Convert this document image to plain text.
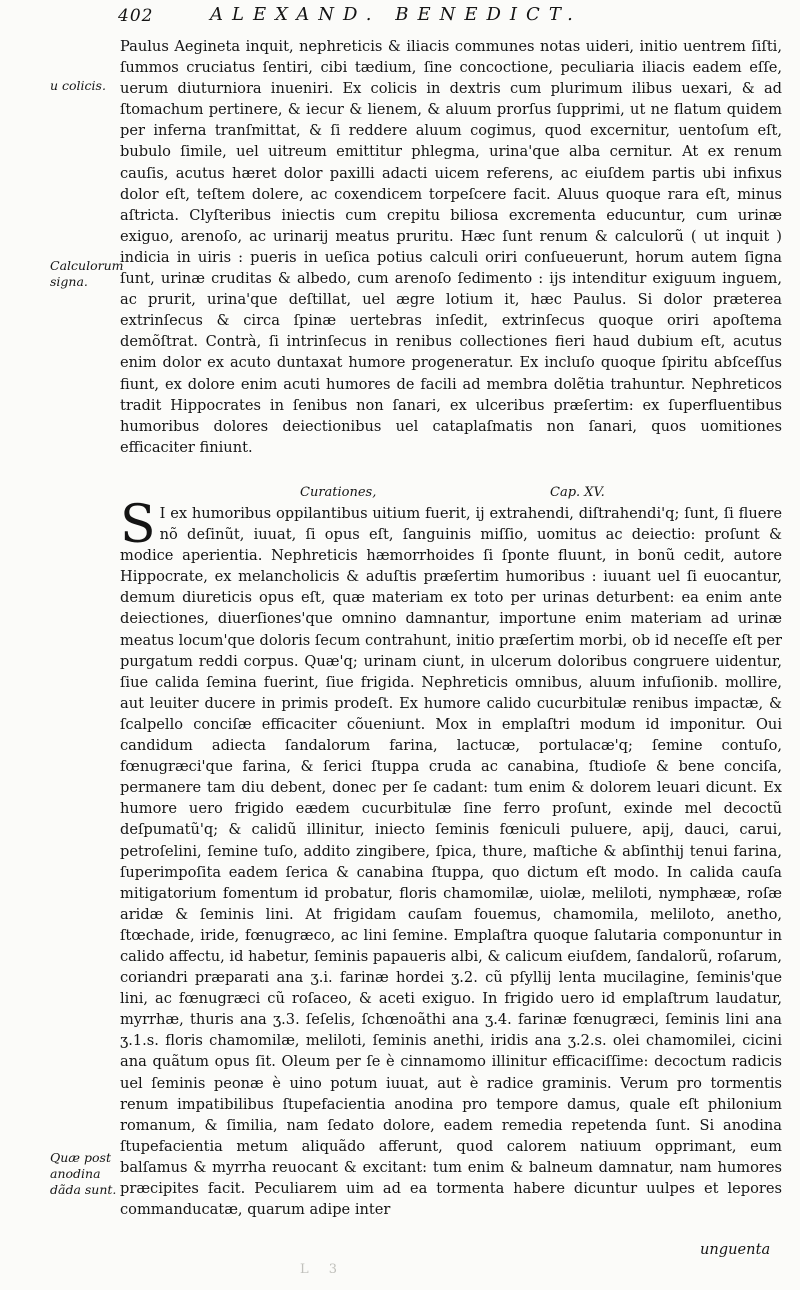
402	ALEXAND. BENEDICT.
u colicis.
Calculorum signa.
Quæ post anodina dãda sunt.

Paulus Aegineta inquit, nephreticis & iliacis communes notas uideri, initio uentrem ſiſti, ſummos cruciatus ſentiri, cibi tædium, ſine concoctione, peculiaria iliacis eadem eſſe, uerum diuturniora inueniri. Ex colicis in dextris cum plurimum ilibus uexari, & ad ſtomachum pertinere, & iecur & lienem, & aluum prorſus ſupprimi, ut ne flatum quidem per inferna tranſmittat, & ſi reddere aluum cogimus, quod excernitur, uentoſum eſt, bubulo ſimile, uel uitreum emittitur phlegma, urina'que alba cernitur. At ex renum cauſis, acutus hæret dolor paxilli adacti uicem referens, ac eiuſdem partis ubi infixus dolor eſt, teſtem dolere, ac coxendicem torpeſcere facit. Aluus quoque rara eſt, minus aſtricta. Clyſteribus iniectis cum crepitu biliosa excrementa educuntur, cum urinæ exiguo, arenoſo, ac urinarij meatus pruritu. Hæc ſunt renum & calculorũ ( ut inquit ) indicia in uiris : pueris in ueſica potius calculi oriri conſueuerunt, horum autem ſigna ſunt, urinæ cruditas & albedo, cum arenoſo ſedimento : ijs intenditur exiguum inguem, ac prurit, urina'que deſtillat, uel ægre lotium it, hæc Paulus. Si dolor præterea extrinſecus & circa ſpinæ uertebras inſedit, extrinſecus quoque oriri apoſtema demõſtrat. Contrà, ſi intrinſecus in renibus collectiones fieri haud dubium eſt, acutus enim dolor ex acuto duntaxat humore progeneratur. Ex incluſo quoque ſpiritu abſceſſus fiunt, ex dolore enim acuti humores de facili ad membra dolẽtia trahuntur. Nephreticos tradit Hippocrates in ſenibus non ſanari, ex ulceribus præſertim: ex ſuperfluentibus humoribus dolores deiectionibus uel cataplaſmatis non ſanari, quos uomitiones efficaciter finiunt.

Curationes,	Cap. XV.

S I ex humoribus oppilantibus uitium fuerit, ij extrahendi, diſtrahendi'q; ſunt, ſi fluere nõ deſinũt, iuuat, ſi opus eſt, ſanguinis miſſio, uomitus ac deiectio: proſunt & modice aperientia. Nephreticis hæmorrhoides ſi ſponte fluunt, in bonũ cedit, autore Hippocrate, ex melancholicis & aduſtis præſertim humoribus : iuuant uel ſi euocantur, demum diureticis opus eſt, quæ materiam ex toto per urinas deturbent: ea enim ante deiectiones, diuerſiones'que omnino damnantur, importune enim materiam ad urinæ meatus locum'que doloris ſecum contrahunt, initio præſertim morbi, ob id neceſſe eſt per purgatum reddi corpus. Quæ'q; urinam ciunt, in ulcerum doloribus congruere uidentur, ſiue calida ſemina fuerint, ſiue frigida. Nephreticis omnibus, aluum infuſionib. mollire, aut leuiter ducere in primis prodeſt. Ex humore calido cucurbitulæ renibus impactæ, & ſcalpello conciſæ efficaciter cõueniunt. Mox in emplaſtri modum id imponitur. Oui candidum adiecta ſandalorum farina, lactucæ, portulacæ'q; ſemine contuſo, fœnugræci'que farina, & ſerici ſtuppa cruda ac canabina, ſtudioſe & bene conciſa, permanere tam diu debent, donec per ſe cadant: tum enim & dolorem leuari dicunt. Ex humore uero frigido eædem cucurbitulæ ſine ferro proſunt, exinde mel decoctũ deſpumatũ'q; & calidũ illinitur, iniecto ſeminis fœniculi puluere, apij, dauci, carui, petroſelini, ſemine tuſo, addito zingibere, ſpica, thure, maſtiche & abſinthij tenui farina, ſuperimpoſita eadem ſerica & canabina ſtuppa, quo dictum eſt modo. In calida cauſa mitigatorium fomentum id probatur, floris chamomilæ, uiolæ, meliloti, nymphææ, roſæ aridæ & ſeminis lini. At frigidam cauſam fouemus, chamomila, meliloto, anetho, ſtœchade, iride, fœnugræco, ac lini ſemine. Emplaſtra quoque ſalutaria componuntur in calido affectu, id habetur, ſeminis papaueris albi, & calicum eiuſdem, ſandalorũ, roſarum, coriandri præparati ana ʒ.i. farinæ hordei ʒ.2. cũ pſyllij lenta mucilagine, ſeminis'que lini, ac fœnugræci cũ roſaceo, & aceti exiguo. In frigido uero id emplaſtrum laudatur, myrrhæ, thuris ana ʒ.3. ſeſelis, ſchœnoãthi ana ʒ.4. farinæ fœnugræci, ſeminis lini ana ʒ.1.s. floris chamomilæ, meliloti, ſeminis anethi, iridis ana ʒ.2.s. olei chamomilei, cicini ana quãtum opus ſit. Oleum per ſe è cinnamomo illinitur efficaciſſime: decoctum radicis uel ſeminis peonæ è uino potum iuuat, aut è radice graminis. Verum pro tormentis renum impatibilibus ſtupefacientia anodina pro tempore damus, quale eſt philonium romanum, & ſimilia, nam ſedato dolore, eadem remedia repetenda ſunt. Si anodina ſtupefacientia metum aliquãdo afferunt, quod calorem natiuum opprimant, eum balſamus & myrrha reuocant & excitant: tum enim & balneum damnatur, nam humores præcipites facit. Peculiarem uim ad ea tormenta habere dicuntur uulpes et lepores commanducatæ, quarum adipe inter

unguenta
L 3
